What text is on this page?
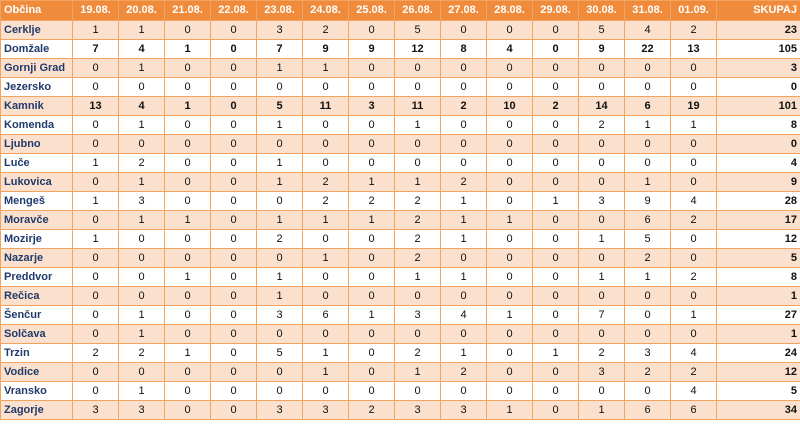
Občina	19.08.	20.08.	21.08.	22.08.	23.08.	24.08.	25.08.	26.08.	27.08.	28.08.	29.08.	30.08.	31.08.	01.09.	SKUPAJ
Cerklje	1	1	0	0	3	2	0	5	0	0	0	5	4	2	23
Domžale	7	4	1	0	7	9	9	12	8	4	0	9	22	13	105
Gornji Grad	0	1	0	0	1	1	0	0	0	0	0	0	0	0	3
Jezersko	0	0	0	0	0	0	0	0	0	0	0	0	0	0	0
Kamnik	13	4	1	0	5	11	3	11	2	10	2	14	6	19	101
Komenda	0	1	0	0	1	0	0	1	0	0	0	2	1	1	8
Ljubno	0	0	0	0	0	0	0	0	0	0	0	0	0	0	0
Luče	1	2	0	0	1	0	0	0	0	0	0	0	0	0	4
Lukovica	0	1	0	0	1	2	1	1	2	0	0	0	1	0	9
Mengeš	1	3	0	0	0	2	2	2	1	0	1	3	9	4	28
Moravče	0	1	1	0	1	1	1	2	1	1	0	0	6	2	17
Mozirje	1	0	0	0	2	0	0	2	1	0	0	1	5	0	12
Nazarje	0	0	0	0	0	1	0	2	0	0	0	0	2	0	5
Preddvor	0	0	1	0	1	0	0	1	1	0	0	1	1	2	8
Rečica	0	0	0	0	1	0	0	0	0	0	0	0	0	0	1
Šenčur	0	1	0	0	3	6	1	3	4	1	0	7	0	1	27
Solčava	0	1	0	0	0	0	0	0	0	0	0	0	0	0	1
Trzin	2	2	1	0	5	1	0	2	1	0	1	2	3	4	24
Vodice	0	0	0	0	0	1	0	1	2	0	0	3	2	2	12
Vransko	0	1	0	0	0	0	0	0	0	0	0	0	0	4	5
Zagorje	3	3	0	0	3	3	2	3	3	1	0	1	6	6	34
